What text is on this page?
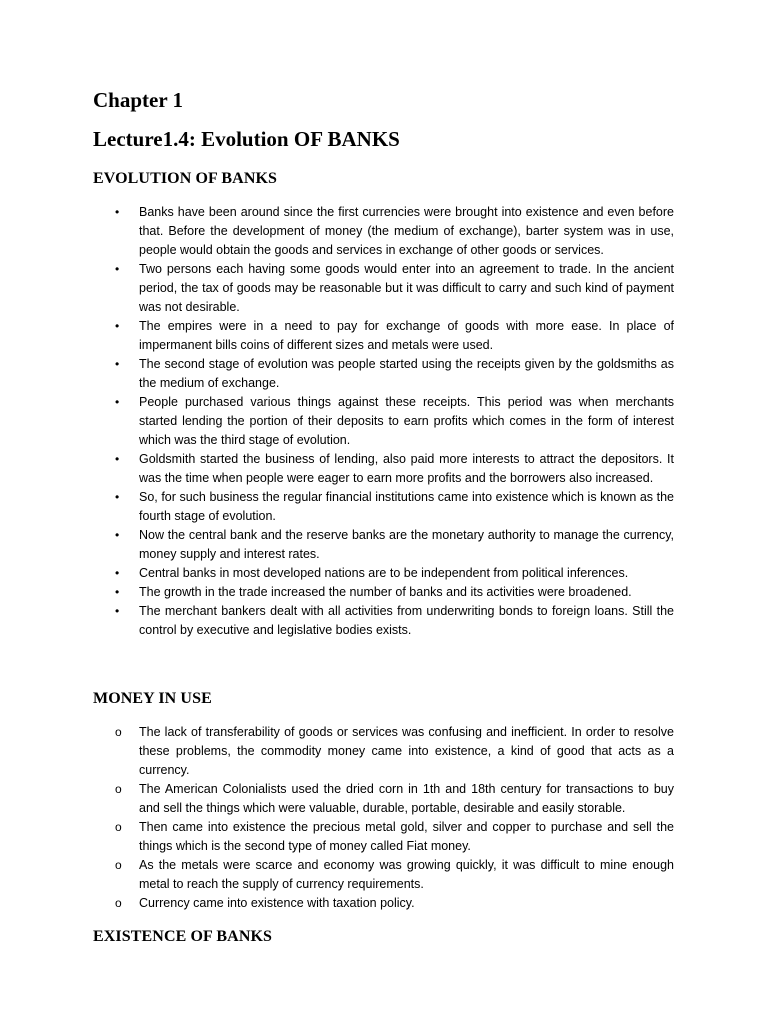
Chapter 1
Lecture1.4: Evolution OF BANKS
EVOLUTION OF BANKS
•	Banks have been around since the first currencies were brought into existence and even before that. Before the development of money (the medium of exchange), barter system was in use, people would obtain the goods and services in exchange of other goods or services.
•	Two persons each having some goods would enter into an agreement to trade. In the ancient period, the tax of goods may be reasonable but it was difficult to carry and such kind of payment was not desirable.
•	The empires were in a need to pay for exchange of goods with more ease. In place of impermanent bills coins of different sizes and metals were used.
•	The second stage of evolution was people started using the receipts given by the goldsmiths as the medium of exchange.
•	People purchased various things against these receipts. This period was when merchants started lending the portion of their deposits to earn profits which comes in the form of interest which was the third stage of evolution.
•	Goldsmith started the business of lending, also paid more interests to attract the depositors. It was the time when people were eager to earn more profits and the borrowers also increased.
•	So, for such business the regular financial institutions came into existence which is known as the fourth stage of evolution.
•	Now the central bank and the reserve banks are the monetary authority to manage the currency, money supply and interest rates.
•	Central banks in most developed nations are to be independent from political inferences.
•	The growth in the trade increased the number of banks and its activities were broadened.
•	The merchant bankers dealt with all activities from underwriting bonds to foreign loans. Still the control by executive and legislative bodies exists.
MONEY IN USE
o The lack of transferability of goods or services was confusing and inefficient. In order to resolve these problems, the commodity money came into existence, a kind of good that acts as a currency.
o The American Colonialists used the dried corn in 1th and 18th century for transactions to buy and sell the things which were valuable, durable, portable, desirable and easily storable.
o Then came into existence the precious metal gold, silver and copper to purchase and sell the things which is the second type of money called Fiat money.
o As the metals were scarce and economy was growing quickly, it was difficult to mine enough metal to reach the supply of currency requirements.
o Currency came into existence with taxation policy.
EXISTENCE OF BANKS
